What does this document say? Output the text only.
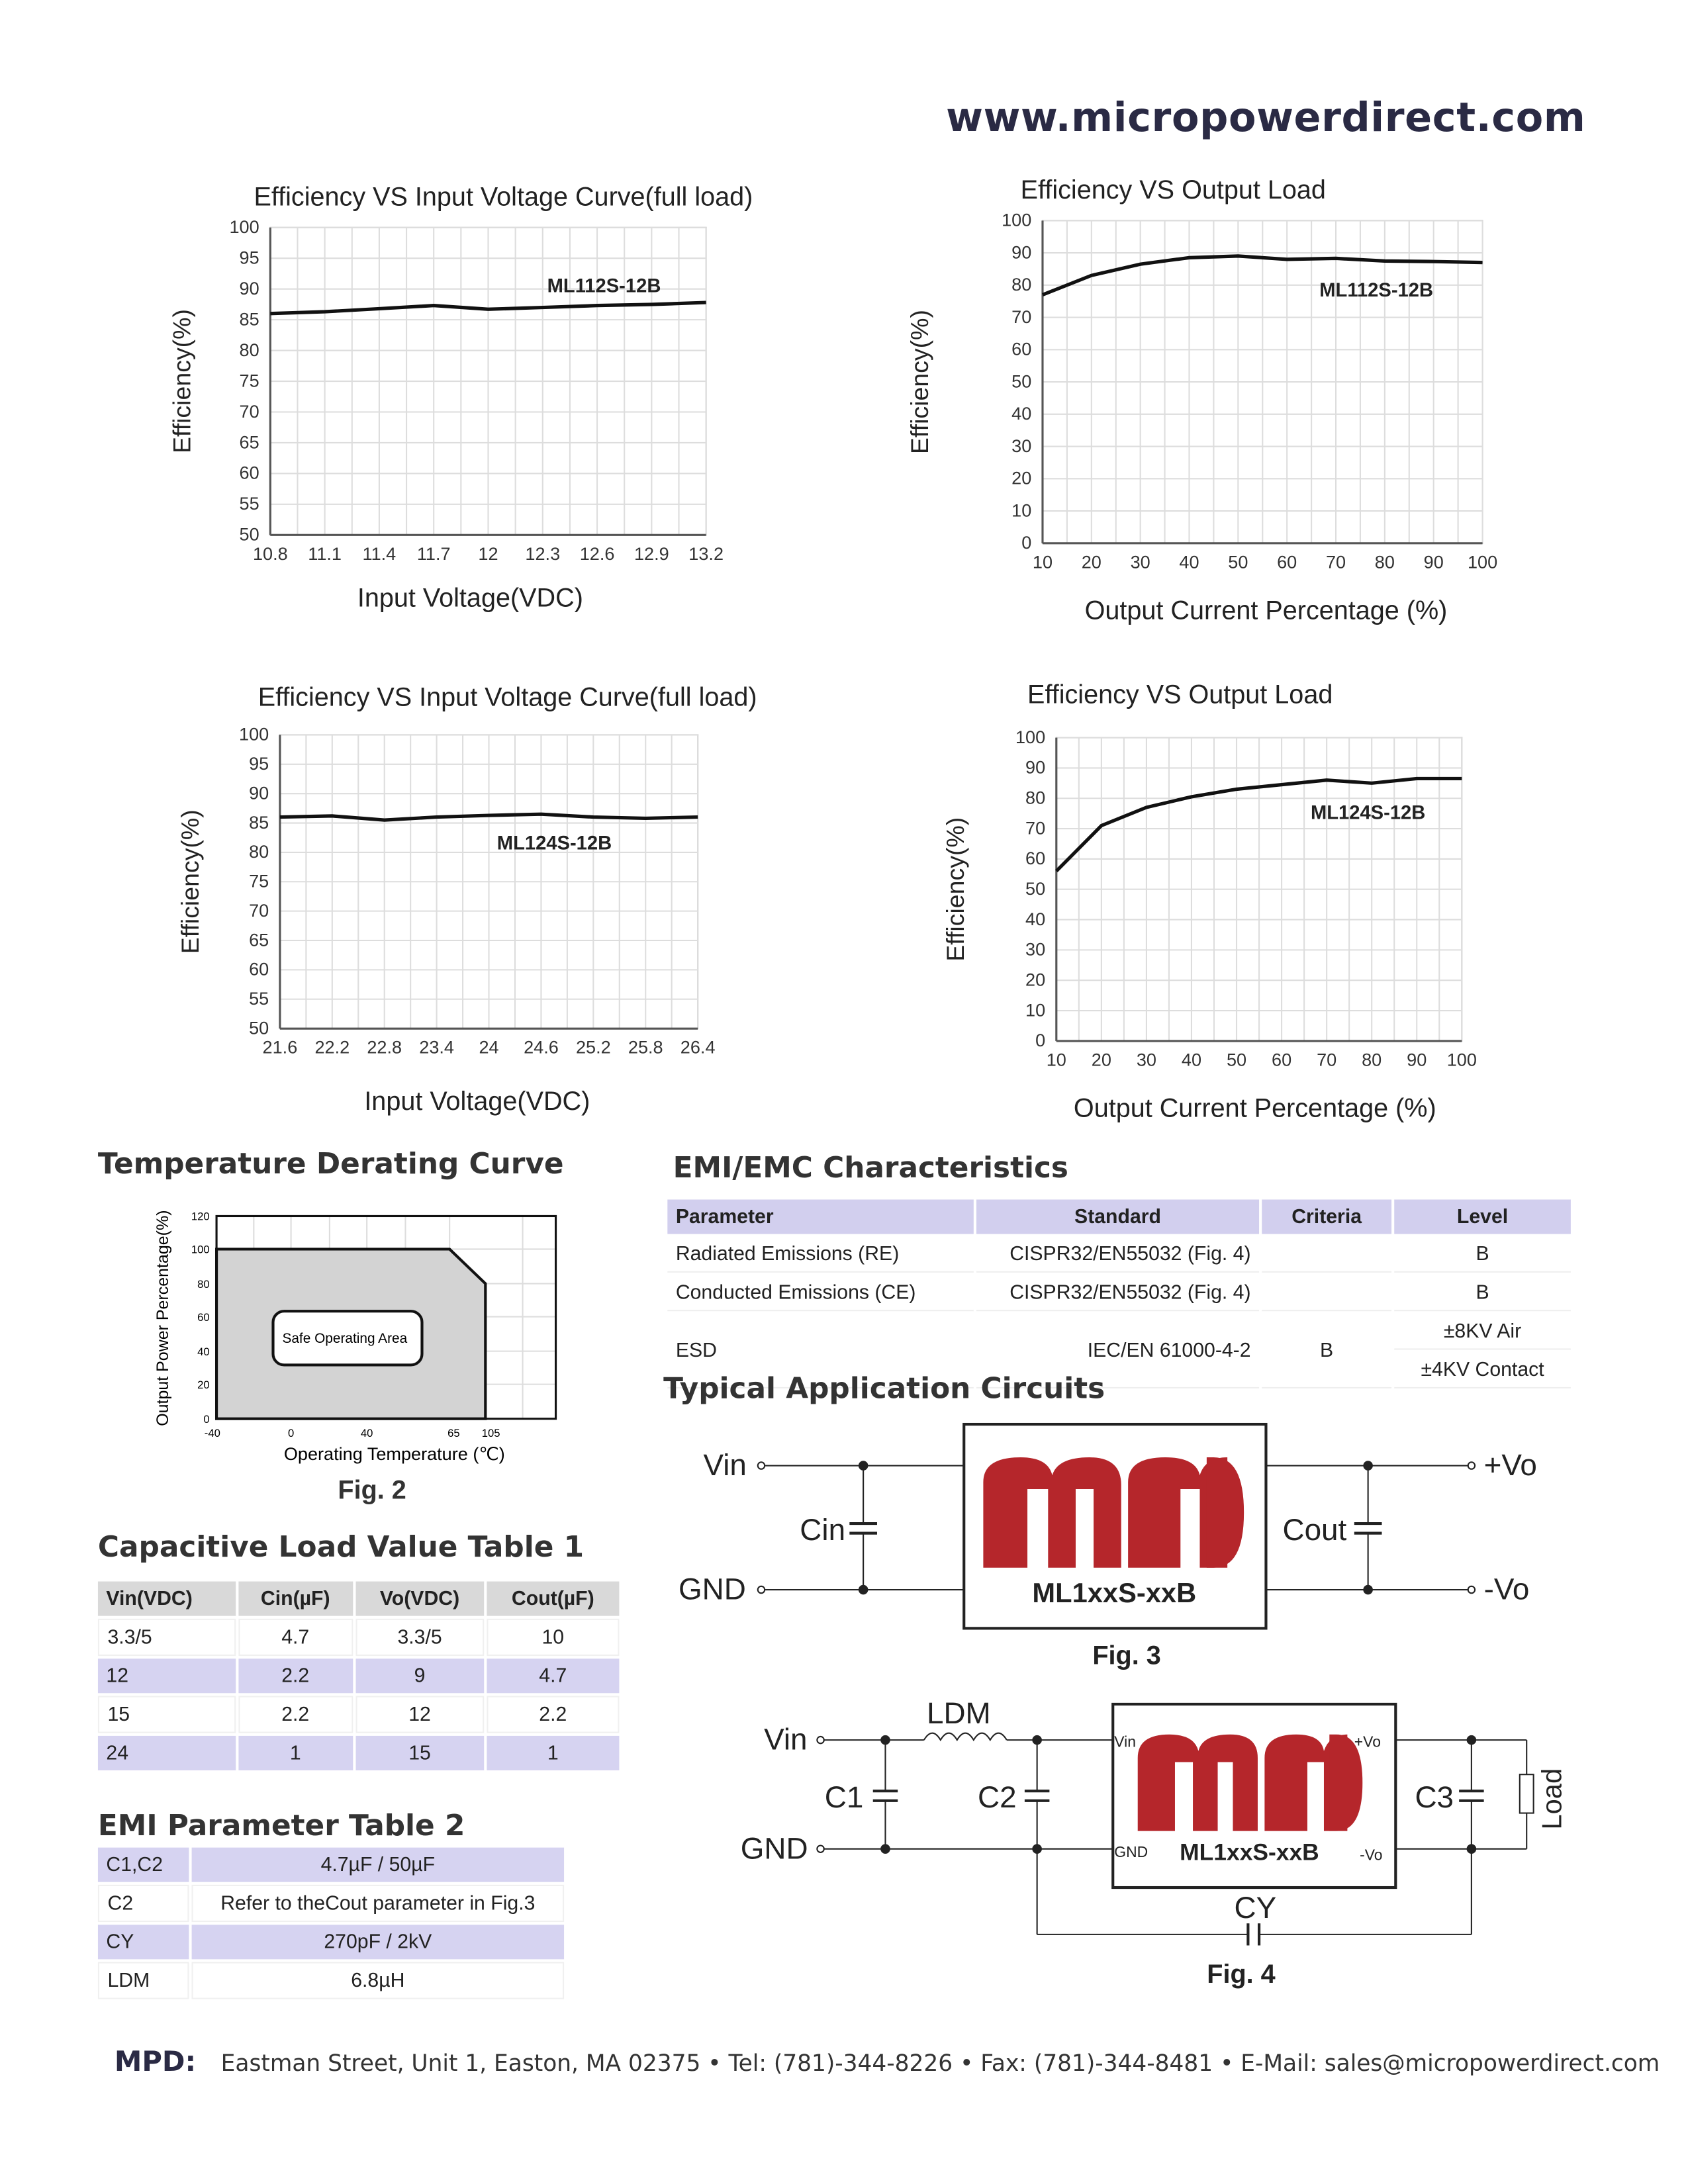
www.micropowerdirect.com
50
55
60
65
70
75
80
85
90
95
100
10.8 11.1 11.4 11.7	12	12.3 12.6 12.9 13.2
Efficiency VS Input Voltage Curve(full load)
Input Voltage(VDC)
Efficiency(%)
ML112S-12B
0
10
20
30
40
50
60
70
80
90
100
10	20	30	40	50	60	70	80	90	100
Efficiency VS Output Load
Output Current Percentage (%)
Efficiency(%)
ML112S-12B
50
55
60
65
70
75
80
85
90
95
100
21.6 22.2 22.8 23.4	24	24.6 25.2 25.8 26.4
Efficiency VS Input Voltage Curve(full load)
Input Voltage(VDC)
Efficiency(%)	ML124S-12B
0
10
20
30
40
50
60
70
80
90
100
10	20	30	40	50	60	70	80	90 100
Efficiency VS Output Load
Output Current Percentage (%)
Efficiency(%)
ML124S-12B
Temperature Derating Curve
Safe Operating Area
120
100
80
60
40
20
0
-40	0	40	65	105
Operating Temperature (℃)
Output Power Percentage(%)
Fig. 2
Capacitive Load Value Table 1
Vin(VDC)	Cin(µF)	Vo(VDC)	Cout(µF)
3.3/5	4.7	3.3/5	10
12	2.2	9	4.7
15	2.2	12	2.2
24	1	15	1
EMI Parameter Table 2
C1,C2	4.7µF / 50µF
C2	Refer to theCout parameter in Fig.3
CY	270pF / 2kV
LDM	6.8µH
EMI/EMC Characteristics
Parameter	Standard	Criteria	Level
Radiated Emissions (RE)	CISPR32/EN55032 (Fig. 4)		B
Conducted Emissions (CE)	CISPR32/EN55032 (Fig. 4)		B
ESD	IEC/EN 61000-4-2	B	±8KV Air
			±4KV Contact
Typical Application Circuits
Vin
GND
Cin	Cout
+Vo
-Vo
ML1xxS-xxB
Fig. 3
Vin
GND
LDM
C1	C2	C3
CY
Load
Vin
GND
+Vo
-Vo
ML1xxS-xxB
Fig. 4
MPD: Eastman Street, Unit 1, Easton, MA 02375 • Tel: (781)-344-8226 • Fax: (781)-344-8481 • E-Mail: sales@micropowerdirect.com
